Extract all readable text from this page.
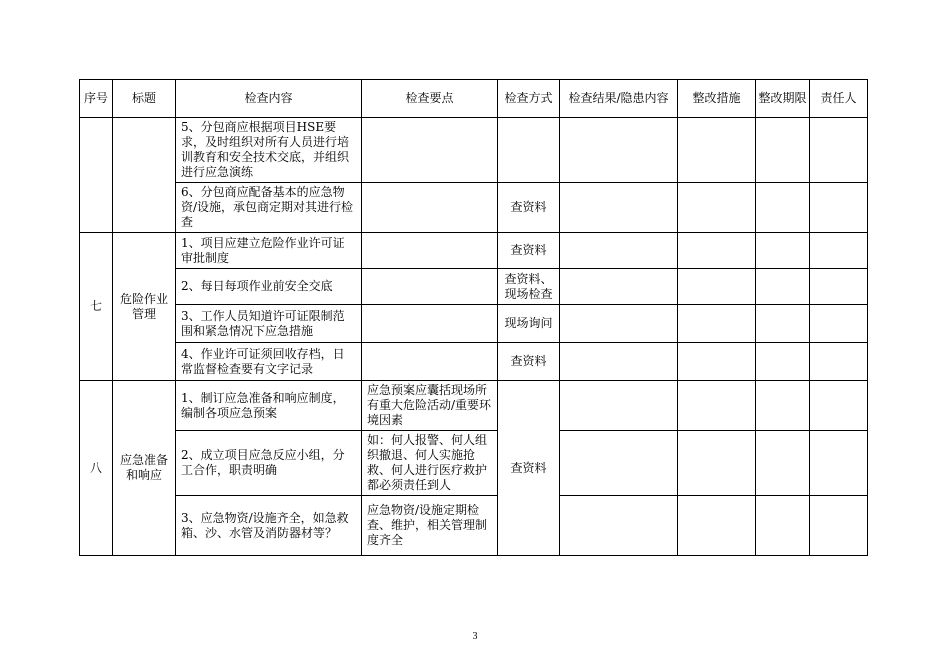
序号	标题	检查内容	检查要点	检查方式	检查结果/隐患内容	整改措施	整改期限	责任人
		5、分包商应根据项目HSE要求，及时组织对所有人员进行培训教育和安全技术交底，并组织进行应急演练						
		6、分包商应配备基本的应急物资/设施，承包商定期对其进行检查		查资料				
七	危险作业管理	1、项目应建立危险作业许可证审批制度		查资料				
		2、每日每项作业前安全交底		查资料、现场检查				
		3、工作人员知道许可证限制范围和紧急情况下应急措施		现场询问				
		4、作业许可证须回收存档，日常监督检查要有文字记录		查资料				
八	应急准备和响应	1、制订应急准备和响应制度，编制各项应急预案	应急预案应囊括现场所有重大危险活动/重要环境因素	查资料				
		2、成立项目应急反应小组，分工合作，职责明确	如：何人报警、何人组织撤退、何人实施抢救、何人进行医疗救护都必须责任到人					
		3、应急物资/设施齐全，如急救箱、沙、水管及消防器材等？	应急物资/设施定期检查、维护，相关管理制度齐全					
3
